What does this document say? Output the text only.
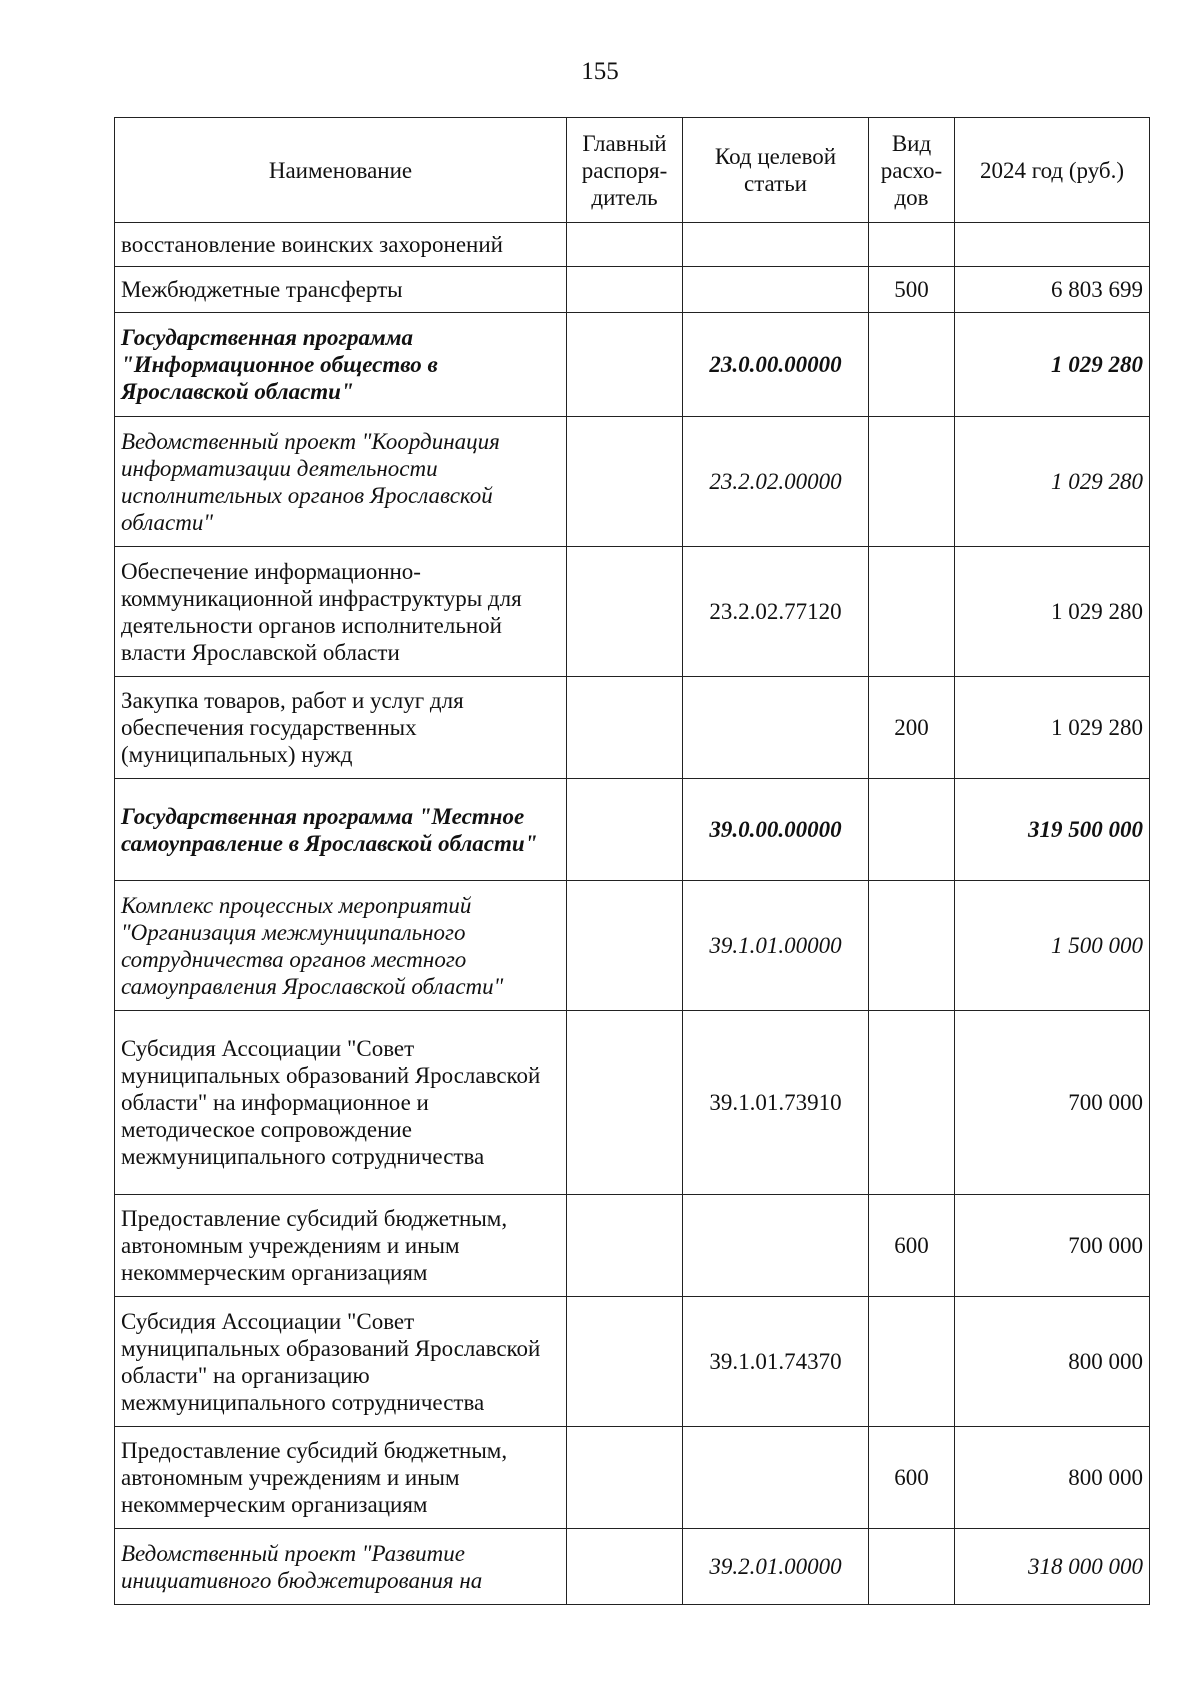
155
Наименование	Главный распоря-дитель	Код целевой статьи	Вид расхо-дов	2024 год (руб.)
восстановление воинских захоронений				
Межбюджетные трансферты			500	6 803 699
Государственная программа "Информационное общество в Ярославской области"		23.0.00.00000		1 029 280
Ведомственный проект "Координация информатизации деятельности исполнительных органов Ярославской области"		23.2.02.00000		1 029 280
Обеспечение информационно-коммуникационной инфраструктуры для деятельности органов исполнительной власти Ярославской области		23.2.02.77120		1 029 280
Закупка товаров, работ и услуг для обеспечения государственных (муниципальных) нужд			200	1 029 280
Государственная программа "Местное самоуправление в Ярославской области"		39.0.00.00000		319 500 000
Комплекс процессных мероприятий "Организация межмуниципального сотрудничества органов местного самоуправления Ярославской области"		39.1.01.00000		1 500 000
Субсидия Ассоциации "Совет муниципальных образований Ярославской области" на информационное и методическое сопровождение межмуниципального сотрудничества		39.1.01.73910		700 000
Предоставление субсидий бюджетным, автономным учреждениям и иным некоммерческим организациям			600	700 000
Субсидия Ассоциации "Совет муниципальных образований Ярославской области" на организацию межмуниципального сотрудничества		39.1.01.74370		800 000
Предоставление субсидий бюджетным, автономным учреждениям и иным некоммерческим организациям			600	800 000
Ведомственный проект "Развитие инициативного бюджетирования на		39.2.01.00000		318 000 000
